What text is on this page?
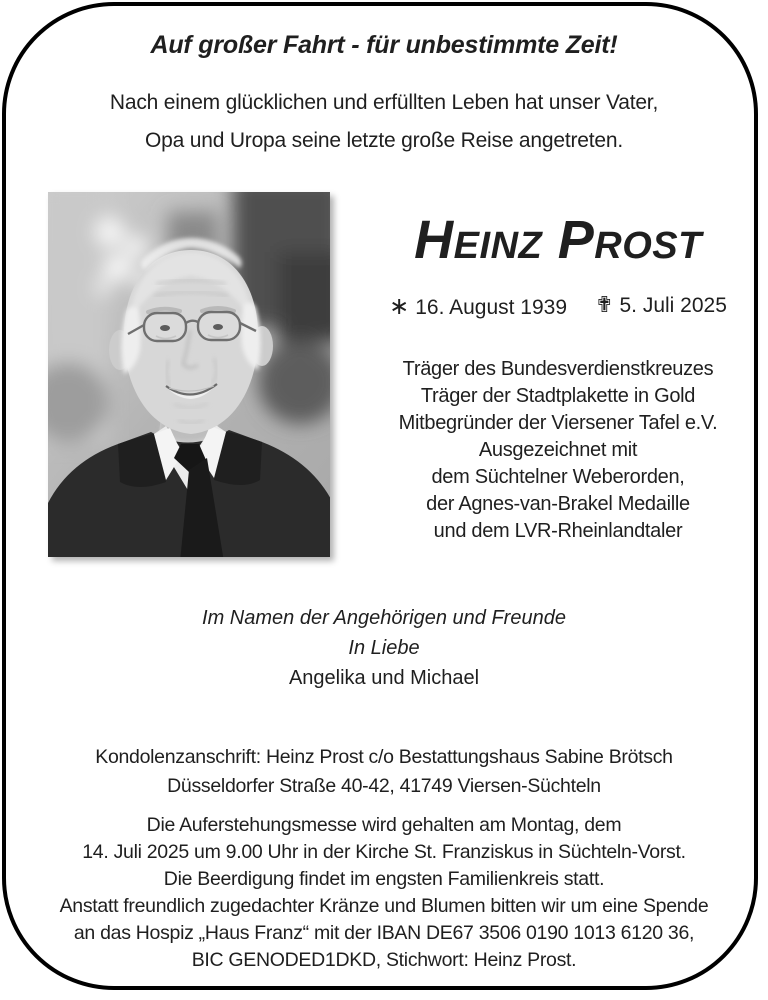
Auf großer Fahrt - für unbestimmte Zeit!
Nach einem glücklichen und erfüllten Leben hat unser Vater,
Opa und Uropa seine letzte große Reise angetreten.
Heinz Prost
∗ 16. August 1939 ✟ 5. Juli 2025
Träger des Bundesverdienstkreuzes
Träger der Stadtplakette in Gold
Mitbegründer der Viersener Tafel e.V.
Ausgezeichnet mit
dem Süchtelner Weberorden,
der Agnes-van-Brakel Medaille
und dem LVR-Rheinlandtaler
Im Namen der Angehörigen und Freunde
In Liebe
Angelika und Michael
Kondolenzanschrift: Heinz Prost c/o Bestattungshaus Sabine Brötsch
Düsseldorfer Straße 40-42, 41749 Viersen-Süchteln
Die Auferstehungsmesse wird gehalten am Montag, dem
14. Juli 2025 um 9.00 Uhr in der Kirche St. Franziskus in Süchteln-Vorst.
Die Beerdigung findet im engsten Familienkreis statt.
Anstatt freundlich zugedachter Kränze und Blumen bitten wir um eine Spende
an das Hospiz „Haus Franz“ mit der IBAN DE67 3506 0190 1013 6120 36,
BIC GENODED1DKD, Stichwort: Heinz Prost.
